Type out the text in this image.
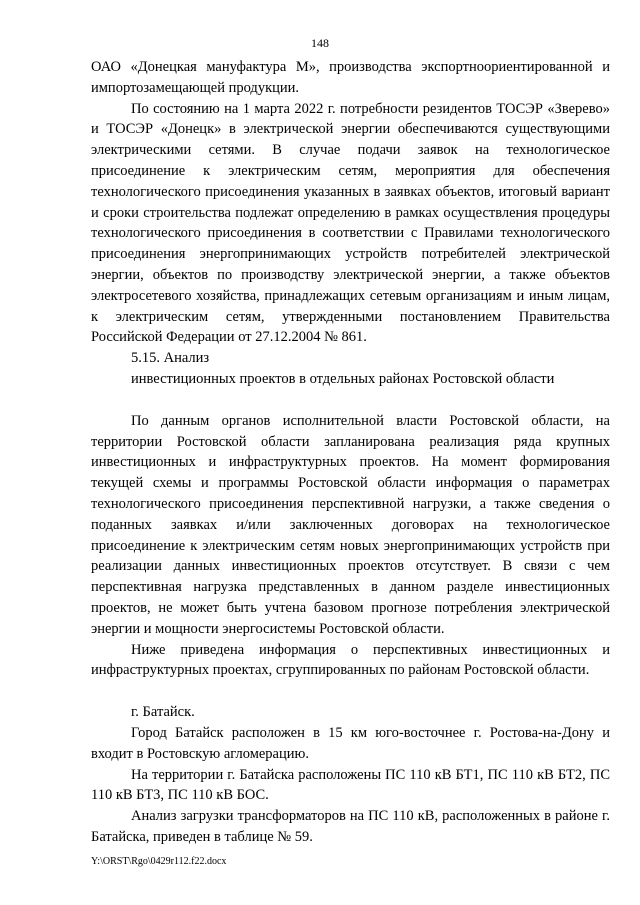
148

ОАО «Донецкая мануфактура М», производства экспортноориентированной и импортозамещающей продукции.

По состоянию на 1 марта 2022 г. потребности резидентов ТОСЭР «Зверево» и ТОСЭР «Донецк» в электрической энергии обеспечиваются существующими электрическими сетями. В случае подачи заявок на технологическое присоединение к электрическим сетям, мероприятия для обеспечения технологического присоединения указанных в заявках объектов, итоговый вариант и сроки строительства подлежат определению в рамках осуществления процедуры технологического присоединения в соответствии с Правилами технологического присоединения энергопринимающих устройств потребителей электрической энергии, объектов по производству электрической энергии, а также объектов электросетевого хозяйства, принадлежащих сетевым организациям и иным лицам, к электрическим сетям, утвержденными постановлением Правительства Российской Федерации от 27.12.2004 № 861.

5.15. Анализ

инвестиционных проектов в отдельных районах Ростовской области

По данным органов исполнительной власти Ростовской области, на территории Ростовской области запланирована реализация ряда крупных инвестиционных и инфраструктурных проектов. На момент формирования текущей схемы и программы Ростовской области информация о параметрах технологического присоединения перспективной нагрузки, а также сведения о поданных заявках и/или заключенных договорах на технологическое присоединение к электрическим сетям новых энергопринимающих устройств при реализации данных инвестиционных проектов отсутствует. В связи с чем перспективная нагрузка представленных в данном разделе инвестиционных проектов, не может быть учтена базовом прогнозе потребления электрической энергии и мощности энергосистемы Ростовской области.

Ниже приведена информация о перспективных инвестиционных и инфраструктурных проектах, сгруппированных по районам Ростовской области.

г. Батайск.

Город Батайск расположен в 15 км юго-восточнее г. Ростова-на-Дону и входит в Ростовскую агломерацию.

На территории г. Батайска расположены ПС 110 кВ БТ1, ПС 110 кВ БТ2, ПС 110 кВ БТ3, ПС 110 кВ БОС.

Анализ загрузки трансформаторов на ПС 110 кВ, расположенных в районе г. Батайска, приведен в таблице № 59.

Y:\ORST\Rgo\0429r112.f22.docx
